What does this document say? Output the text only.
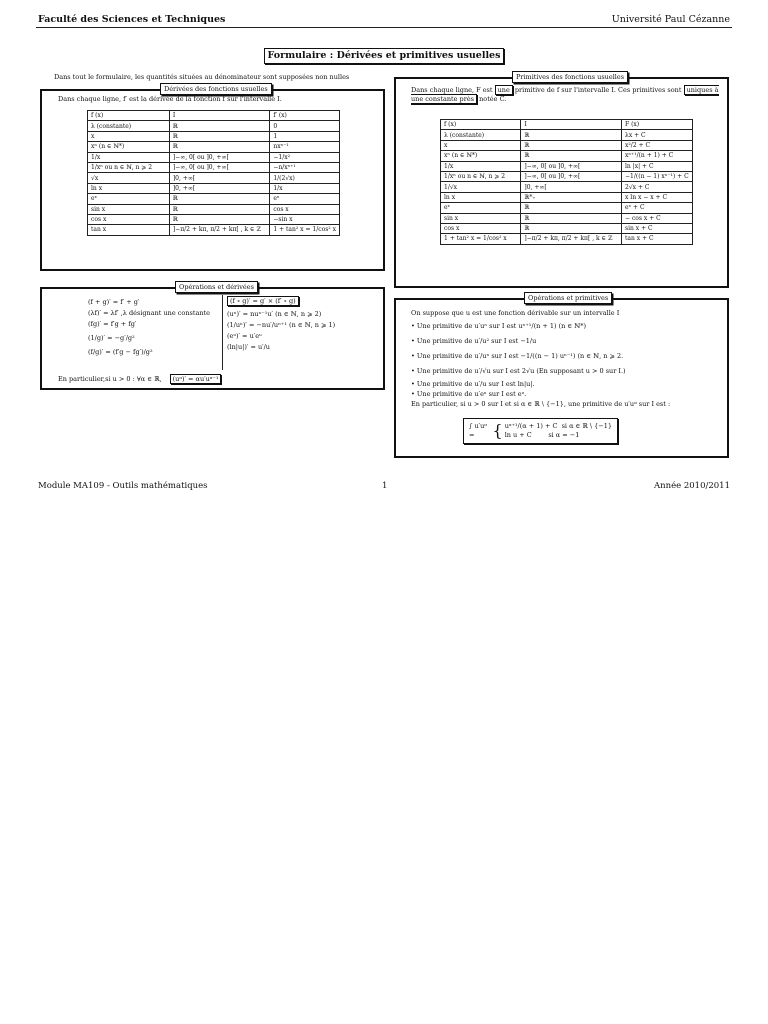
Faculté des Sciences et Techniques	Université Paul Cézanne
Formulaire : Dérivées et primitives usuelles
Dans tout le formulaire, les quantités situées au dénominateur sont supposées non nulles
Dérivées des fonctions usuelles
Dans chaque ligne, f′ est la dérivée de la fonction f sur l'intervalle I.
f (x)	I	f′ (x)
λ (constante)	ℝ	0
x	ℝ	1
xⁿ (n ∈ ℕ*)	ℝ	nxⁿ⁻¹
1/x	]−∞, 0[ ou ]0, +∞[	−1/x²
1/xⁿ ou n ∈ ℕ, n ⩾ 2	]−∞, 0[ ou ]0, +∞[	−n/xⁿ⁺¹
√x	]0, +∞[	1/(2√x)
ln x	]0, +∞[	1/x
eˣ	ℝ	eˣ
sin x	ℝ	cos x
cos x	ℝ	−sin x
tan x	]−π/2 + kπ, π/2 + kπ[ , k ∈ ℤ	1 + tan² x = 1/cos² x
Opérations et dérivées
(f + g)′ = f′ + g′
(λf)′ = λf′ ,λ désignant une constante
(fg)′ = f′g + fg′
(1/g)′ = −g′/g²
(f/g)′ = (f′g − fg′)/g²
(f ∘ g)′ = g′ × (f′ ∘ g)
(uⁿ)′ = nuⁿ⁻¹u′ (n ∈ ℕ, n ⩾ 2)
(1/uⁿ)′ = −nu′/uⁿ⁺¹ (n ∈ ℕ, n ⩾ 1)
(eᵘ)′ = u′eᵘ
(ln|u|)′ = u′/u
En particulier,si u > 0 : ∀α ∈ ℝ, (uᵅ)′ = αu′uᵅ⁻¹
Primitives des fonctions usuelles
Dans chaque ligne, F est une primitive de f sur l'intervalle I. Ces primitives sont uniques à une constante près notée C.
f (x)	I	F (x)
λ (constante)	ℝ	λx + C
x	ℝ	x²/2 + C
xⁿ (n ∈ ℕ*)	ℝ	xⁿ⁺¹/(n + 1) + C
1/x	]−∞, 0[ ou ]0, +∞[	ln |x| + C
1/xⁿ ou n ∈ ℕ, n ⩾ 2	]−∞, 0[ ou ]0, +∞[	−1/((n − 1) xⁿ⁻¹) + C
1/√x	]0, +∞[	2√x + C
ln x	ℝ*₊	x ln x − x + C
eˣ	ℝ	eˣ + C
sin x	ℝ	− cos x + C
cos x	ℝ	sin x + C
1 + tan² x = 1/cos² x	]−π/2 + kπ, π/2 + kπ[ , k ∈ ℤ	tan x + C
Opérations et primitives
On suppose que u est une fonction dérivable sur un intervalle I
• Une primitive de u′uⁿ sur I est uⁿ⁺¹/(n + 1) (n ∈ ℕ*)
• Une primitive de u′/u² sur I est −1/u
• Une primitive de u′/uⁿ sur I est −1/((n − 1) uⁿ⁻¹) (n ∈ ℕ, n ⩾ 2.
• Une primitive de u′/√u sur I est 2√u (En supposant u > 0 sur I.)
• Une primitive de u′/u sur I est ln|u|.
• Une primitive de u′eᵘ sur I est eᵘ.
En particulier, si u > 0 sur I et si α ∈ ℝ \ {−1}, une primitive de u′uᵅ sur I est :
∫ u′uᵅ =	{ uᵅ⁺¹/(α + 1) + C si α ∈ ℝ \ {−1}
ln u + C	si α = −1
Module MA109 - Outils mathématiques	1	Année 2010/2011
